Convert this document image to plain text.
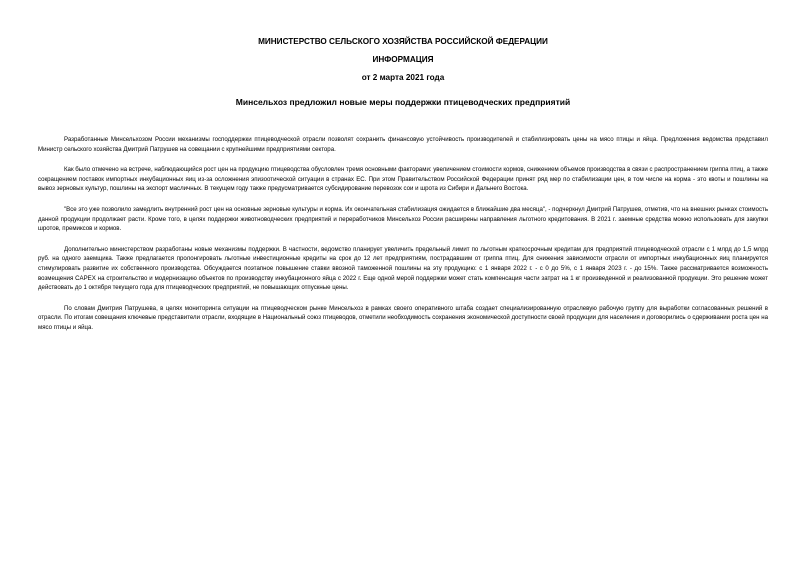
МИНИСТЕРСТВО СЕЛЬСКОГО ХОЗЯЙСТВА РОССИЙСКОЙ ФЕДЕРАЦИИ

ИНФОРМАЦИЯ

от 2 марта 2021 года

Минсельхоз предложил новые меры поддержки птицеводческих предприятий

Разработанные Минсельхозом России механизмы господдержки птицеводческой отрасли позволят сохранить финансовую устойчивость производителей и стабилизировать цены на мясо птицы и яйца. Предложения ведомства представил Министр сельского хозяйства Дмитрий Патрушев на совещании с крупнейшими предприятиями сектора.

Как было отмечено на встрече, наблюдающийся рост цен на продукцию птицеводства обусловлен тремя основными факторами: увеличением стоимости кормов, снижением объемов производства в связи с распространением гриппа птиц, а также сокращением поставок импортных инкубационных яиц из-за осложнения эпизоотической ситуации в странах ЕС. При этом Правительством Российской Федерации принят ряд мер по стабилизации цен, в том числе на корма - это квоты и пошлины на вывоз зерновых культур, пошлины на экспорт масличных. В текущем году также предусматривается субсидирование перевозок сои и шрота из Сибири и Дальнего Востока.

"Все это уже позволило замедлить внутренний рост цен на основные зерновые культуры и корма. Их окончательная стабилизация ожидается в ближайшие два месяца", - подчеркнул Дмитрий Патрушев, отметив, что на внешних рынках стоимость данной продукции продолжает расти. Кроме того, в целях поддержки животноводческих предприятий и переработчиков Минсельхоз России расширены направления льготного кредитования. В 2021 г. заемные средства можно использовать для закупки шротов, премиксов и кормов.

Дополнительно министерством разработаны новые механизмы поддержки. В частности, ведомство планирует увеличить предельный лимит по льготным краткосрочным кредитам для предприятий птицеводческой отрасли с 1 млрд до 1,5 млрд руб. на одного заемщика. Также предлагается пролонгировать льготные инвестиционные кредиты на срок до 12 лет предприятиям, пострадавшим от гриппа птиц. Для снижения зависимости отрасли от импортных инкубационных яиц планируется стимулировать развитие их собственного производства. Обсуждается поэтапное повышение ставки ввозной таможенной пошлины на эту продукцию: с 1 января 2022 г. - с 0 до 5%, с 1 января 2023 г. - до 15%. Также рассматривается возможность возмещения CAPEX на строительство и модернизацию объектов по производству инкубационного яйца с 2022 г. Еще одной мерой поддержки может стать компенсация части затрат на 1 кг произведенной и реализованной продукции. Это решение может действовать до 1 октября текущего года для птицеводческих предприятий, не повышающих отпускные цены.

По словам Дмитрия Патрушева, в целях мониторинга ситуации на птицеводческом рынке Минсельхоз в рамках своего оперативного штаба создает специализированную отраслевую рабочую группу для выработки согласованных решений в отрасли. По итогам совещания ключевые представители отрасли, входящие в Национальный союз птицеводов, отметили необходимость сохранения экономической доступности своей продукции для населения и договорились о сдерживании роста цен на мясо птицы и яйца.
